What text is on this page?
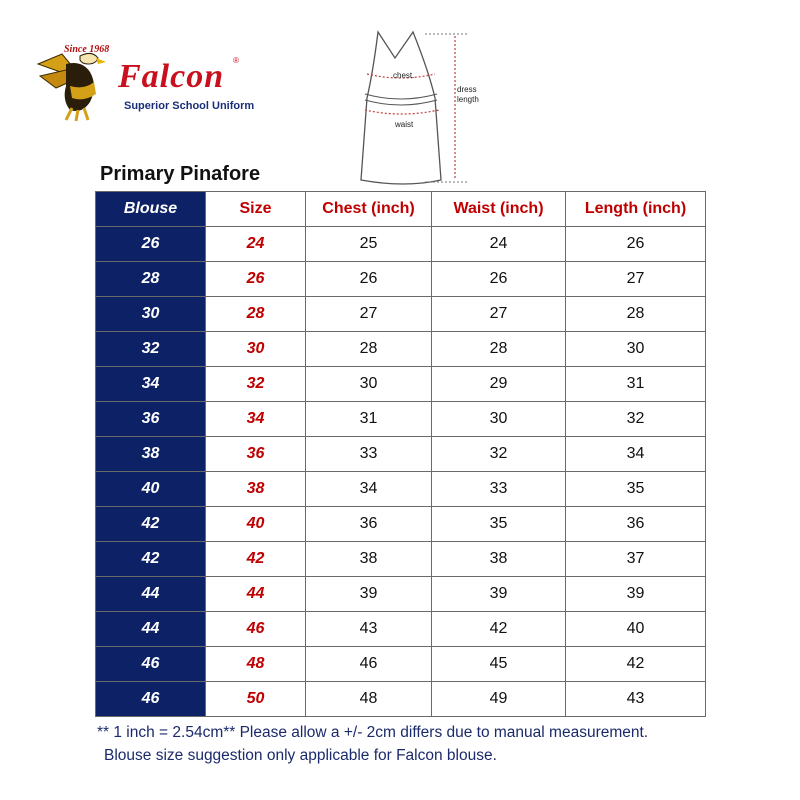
Since 1968
Falcon ®
Superior School Uniform
chest.
waist
dress
length
Primary Pinafore
Blouse	Size	Chest (inch)	Waist (inch)	Length (inch)
26	24	25	24	26
28	26	26	26	27
30	28	27	27	28
32	30	28	28	30
34	32	30	29	31
36	34	31	30	32
38	36	33	32	34
40	38	34	33	35
42	40	36	35	36
42	42	38	38	37
44	44	39	39	39
44	46	43	42	40
46	48	46	45	42
46	50	48	49	43
** 1 inch = 2.54cm** Please allow a +/- 2cm differs due to manual measurement.
Blouse size suggestion only applicable for Falcon blouse.
